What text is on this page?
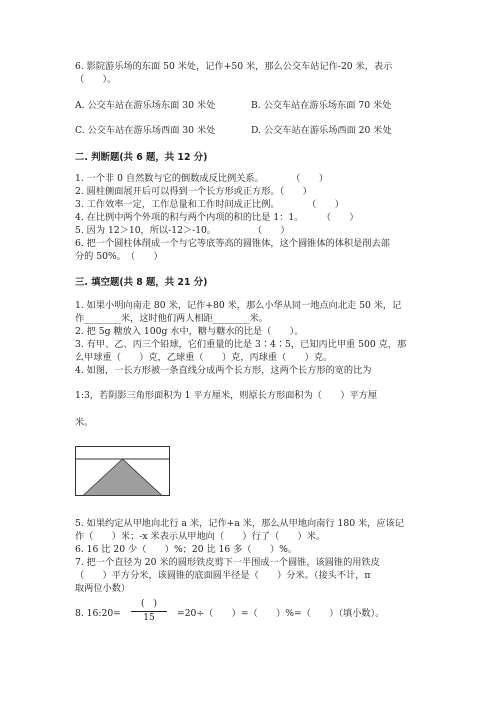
6. 影院游乐场的东面 50 米处，记作+50 米，那么公交车站记作-20 米，表示
（　　）。
A. 公交车站在游乐场东面 30 米处	B. 公交车站在游乐场东面 70 米处
C. 公交车站在游乐场西面 30 米处	D. 公交车站在游乐场西面 20 米处
二. 判断题(共 6 题，共 12 分)
1. 一个非 0 自然数与它的倒数成反比例关系。　　　　（　　）
2. 圆柱侧面展开后可以得到一个长方形或正方形。（　　）
3. 工作效率一定，工作总量和工作时间成正比例。　　　　（　　）
4. 在比例中两个外项的积与两个内项的积的比是 1：1。　　　（　　）
5. 因为 12＞10，所以-12＞-10。　　　　　（　　）
6. 把一个圆柱体削成一个与它等底等高的圆锥体，这个圆锥体的体积是削去部
分的 50%。　（　　）
三. 填空题(共 8 题，共 21 分)
1. 如果小明向南走 80 米，记作+80 米，那么小华从同一地点向北走 50 米，记
作________米，这时他们两人相距________米。
2. 把 5g 糖放入 100g 水中，糖与糖水的比是（　　）。
3. 有甲、乙、丙三个铅球，它们重量的比是 3∶4∶5，已知丙比甲重 500 克，那
么甲球重（　　）克，乙球重（　　）克，丙球重（　　）克。
4. 如图，一长方形被一条直线分成两个长方形，这两个长方形的宽的比为
1:3，若阴影三角形面积为 1 平方厘米，则原长方形面积为（　　）平方厘
米。
5. 如果约定从甲地向北行 a 米，记作+a 米，那么从甲地向南行 180 米，应该记
作（　　）米；-x 米表示从甲地向（　　）行了（　　）米。
6. 16 比 20 少（　　）%；20 比 16 多（　　）%。
7. 把一个直径为 20 米的圆形铁皮剪下一半围成一个圆锥，该圆锥的用铁皮
（　　）平方分米，该圆锥的底面圆半径是（　　）分米。（接头不计，π
取两位小数）
8. 16:20=
(　)
15	=20÷（　　）=（　　）%=（　　）（填小数）。
